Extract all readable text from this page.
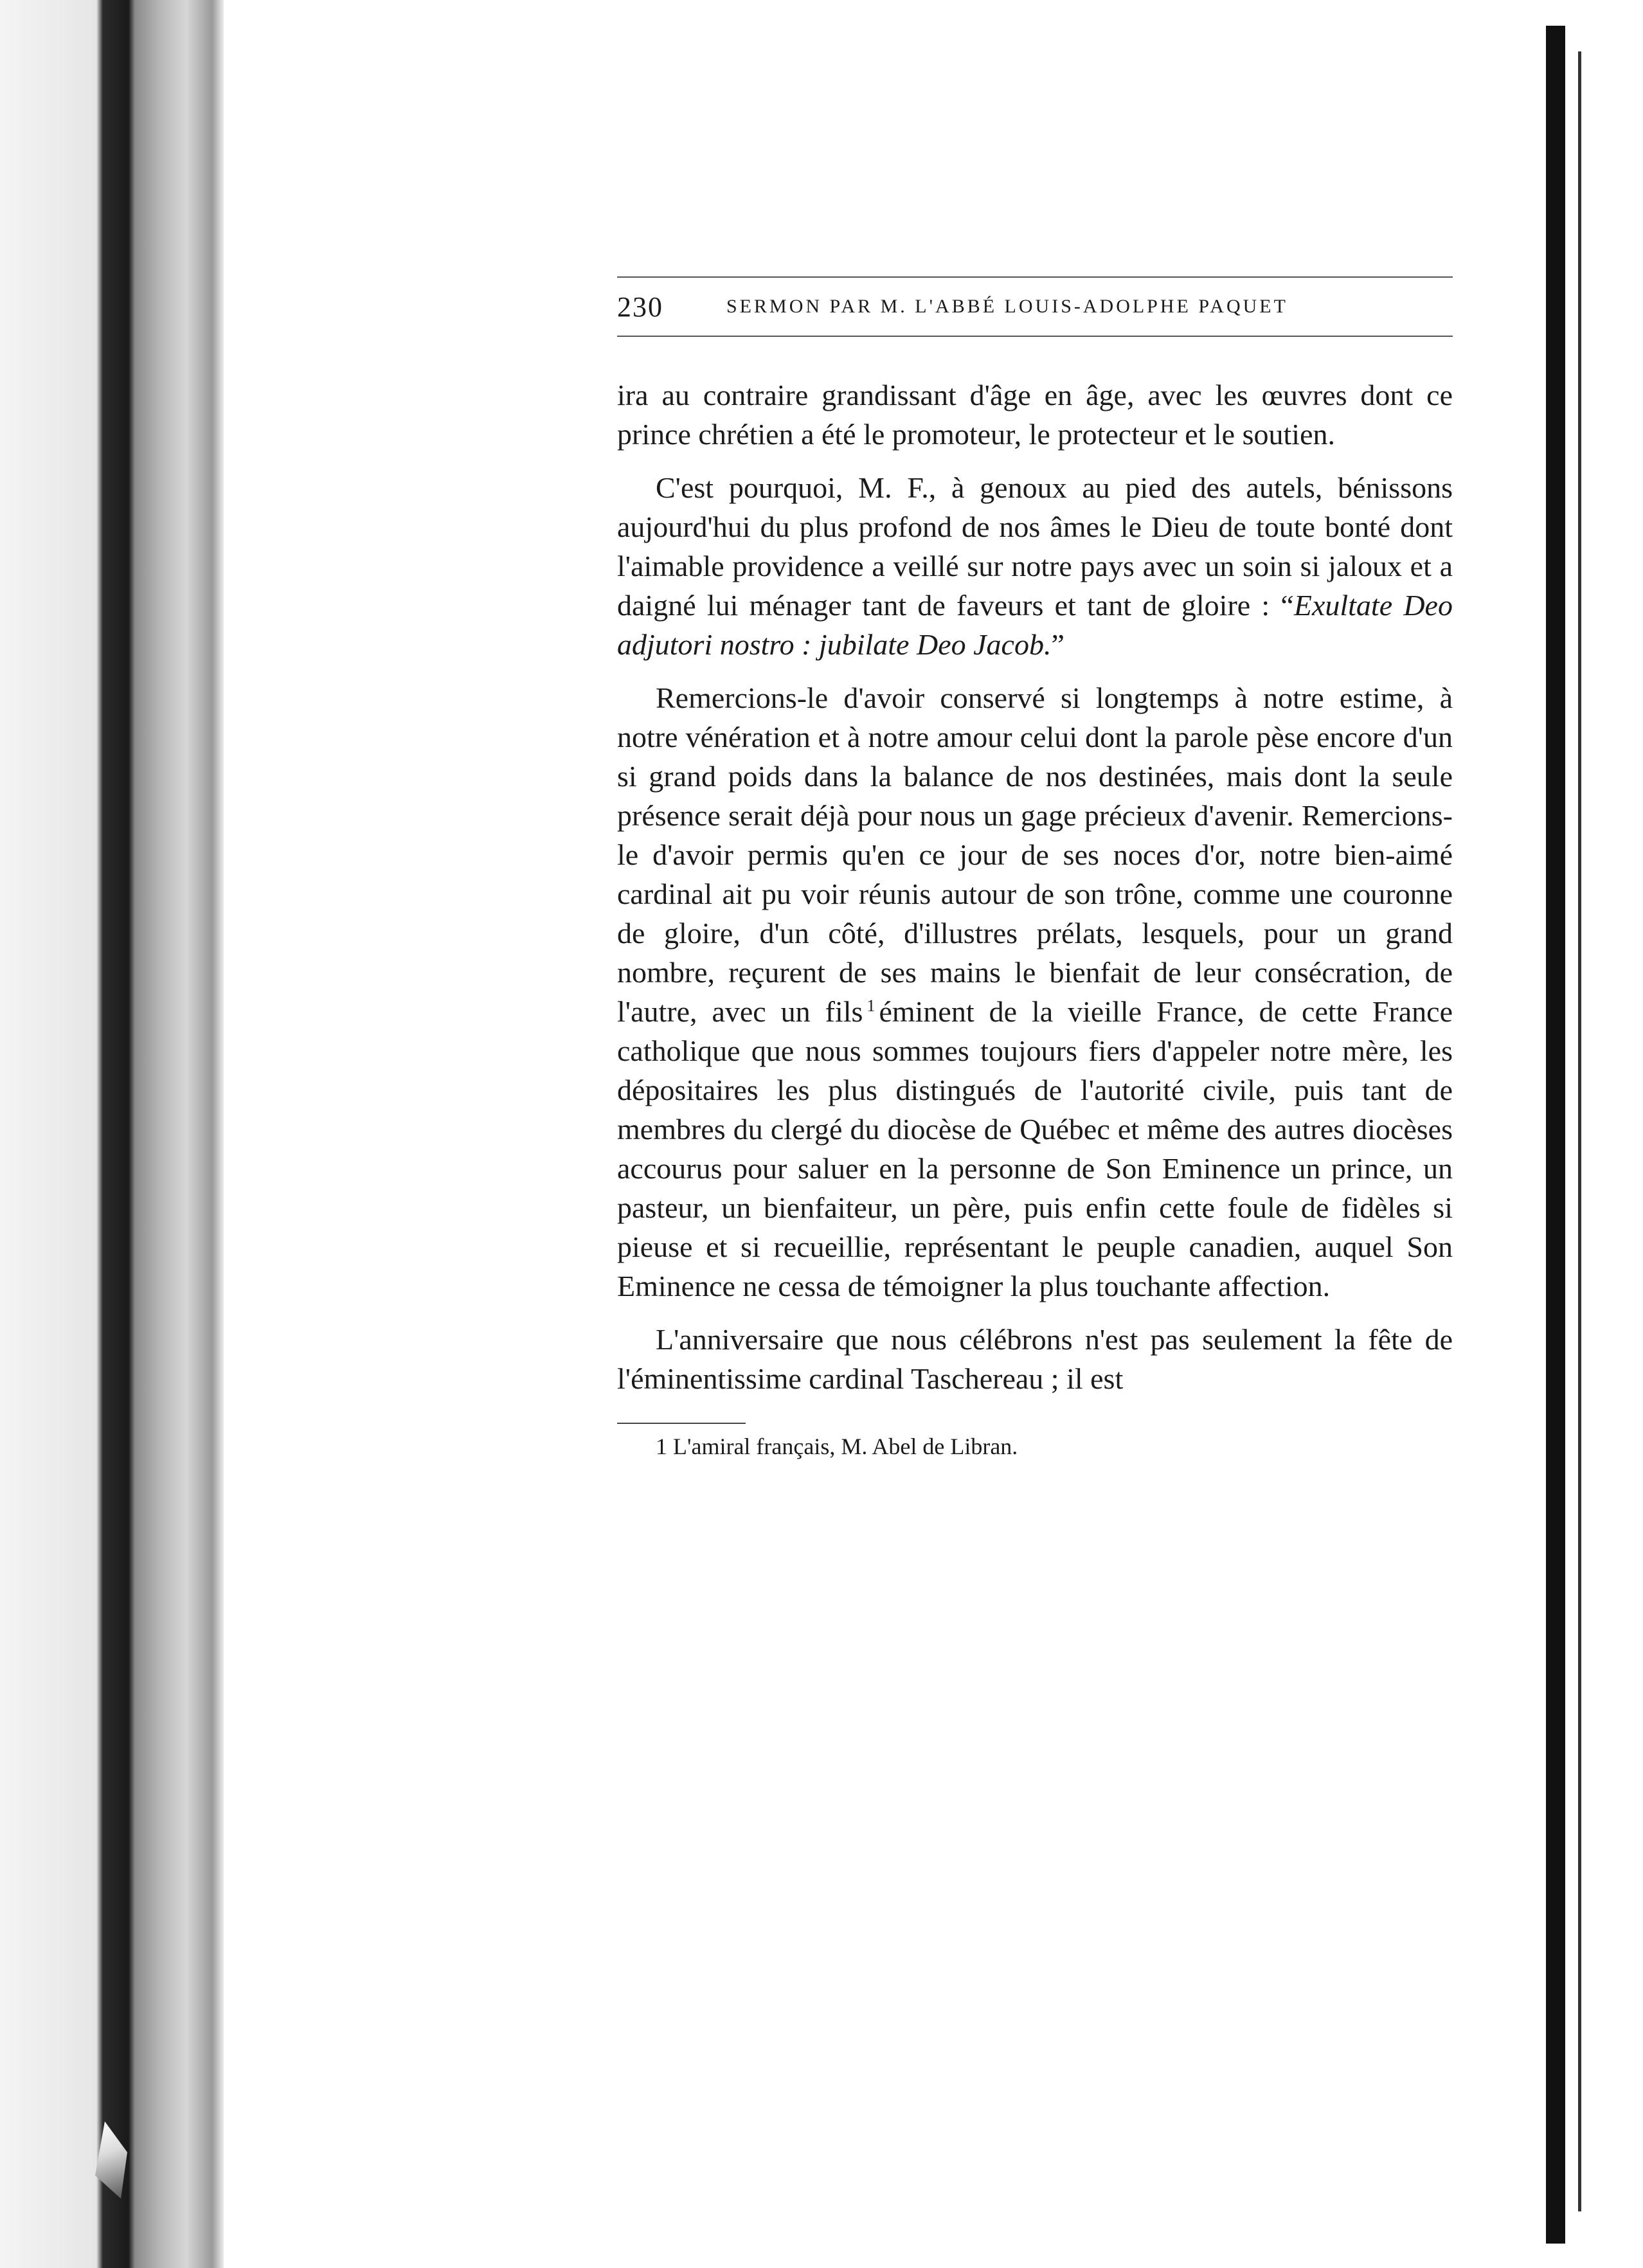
230	SERMON PAR M. L'ABBÉ LOUIS-ADOLPHE PAQUET

ira au contraire grandissant d'âge en âge, avec les œuvres dont ce prince chrétien a été le promoteur, le protecteur et le soutien.

C'est pourquoi, M. F., à genoux au pied des autels, bénissons aujourd'hui du plus profond de nos âmes le Dieu de toute bonté dont l'aimable providence a veillé sur notre pays avec un soin si jaloux et a daigné lui ménager tant de faveurs et tant de gloire : “Exultate Deo adjutori nostro : jubilate Deo Jacob.”

Remercions-le d'avoir conservé si longtemps à notre estime, à notre vénération et à notre amour celui dont la parole pèse encore d'un si grand poids dans la balance de nos destinées, mais dont la seule présence serait déjà pour nous un gage précieux d'avenir. Remercions-le d'avoir permis qu'en ce jour de ses noces d'or, notre bien-aimé cardinal ait pu voir réunis autour de son trône, comme une couronne de gloire, d'un côté, d'illustres prélats, lesquels, pour un grand nombre, reçurent de ses mains le bienfait de leur consécration, de l'autre, avec un fils $^1$ éminent de la vieille France, de cette France catholique que nous sommes toujours fiers d'appeler notre mère, les dépositaires les plus distingués de l'autorité civile, puis tant de membres du clergé du diocèse de Québec et même des autres diocèses accourus pour saluer en la personne de Son Eminence un prince, un pasteur, un bienfaiteur, un père, puis enfin cette foule de fidèles si pieuse et si recueillie, représentant le peuple canadien, auquel Son Eminence ne cessa de témoigner la plus touchante affection.

L'anniversaire que nous célébrons n'est pas seulement la fête de l'éminentissime cardinal Taschereau ; il est

1 L'amiral français, M. Abel de Libran.
